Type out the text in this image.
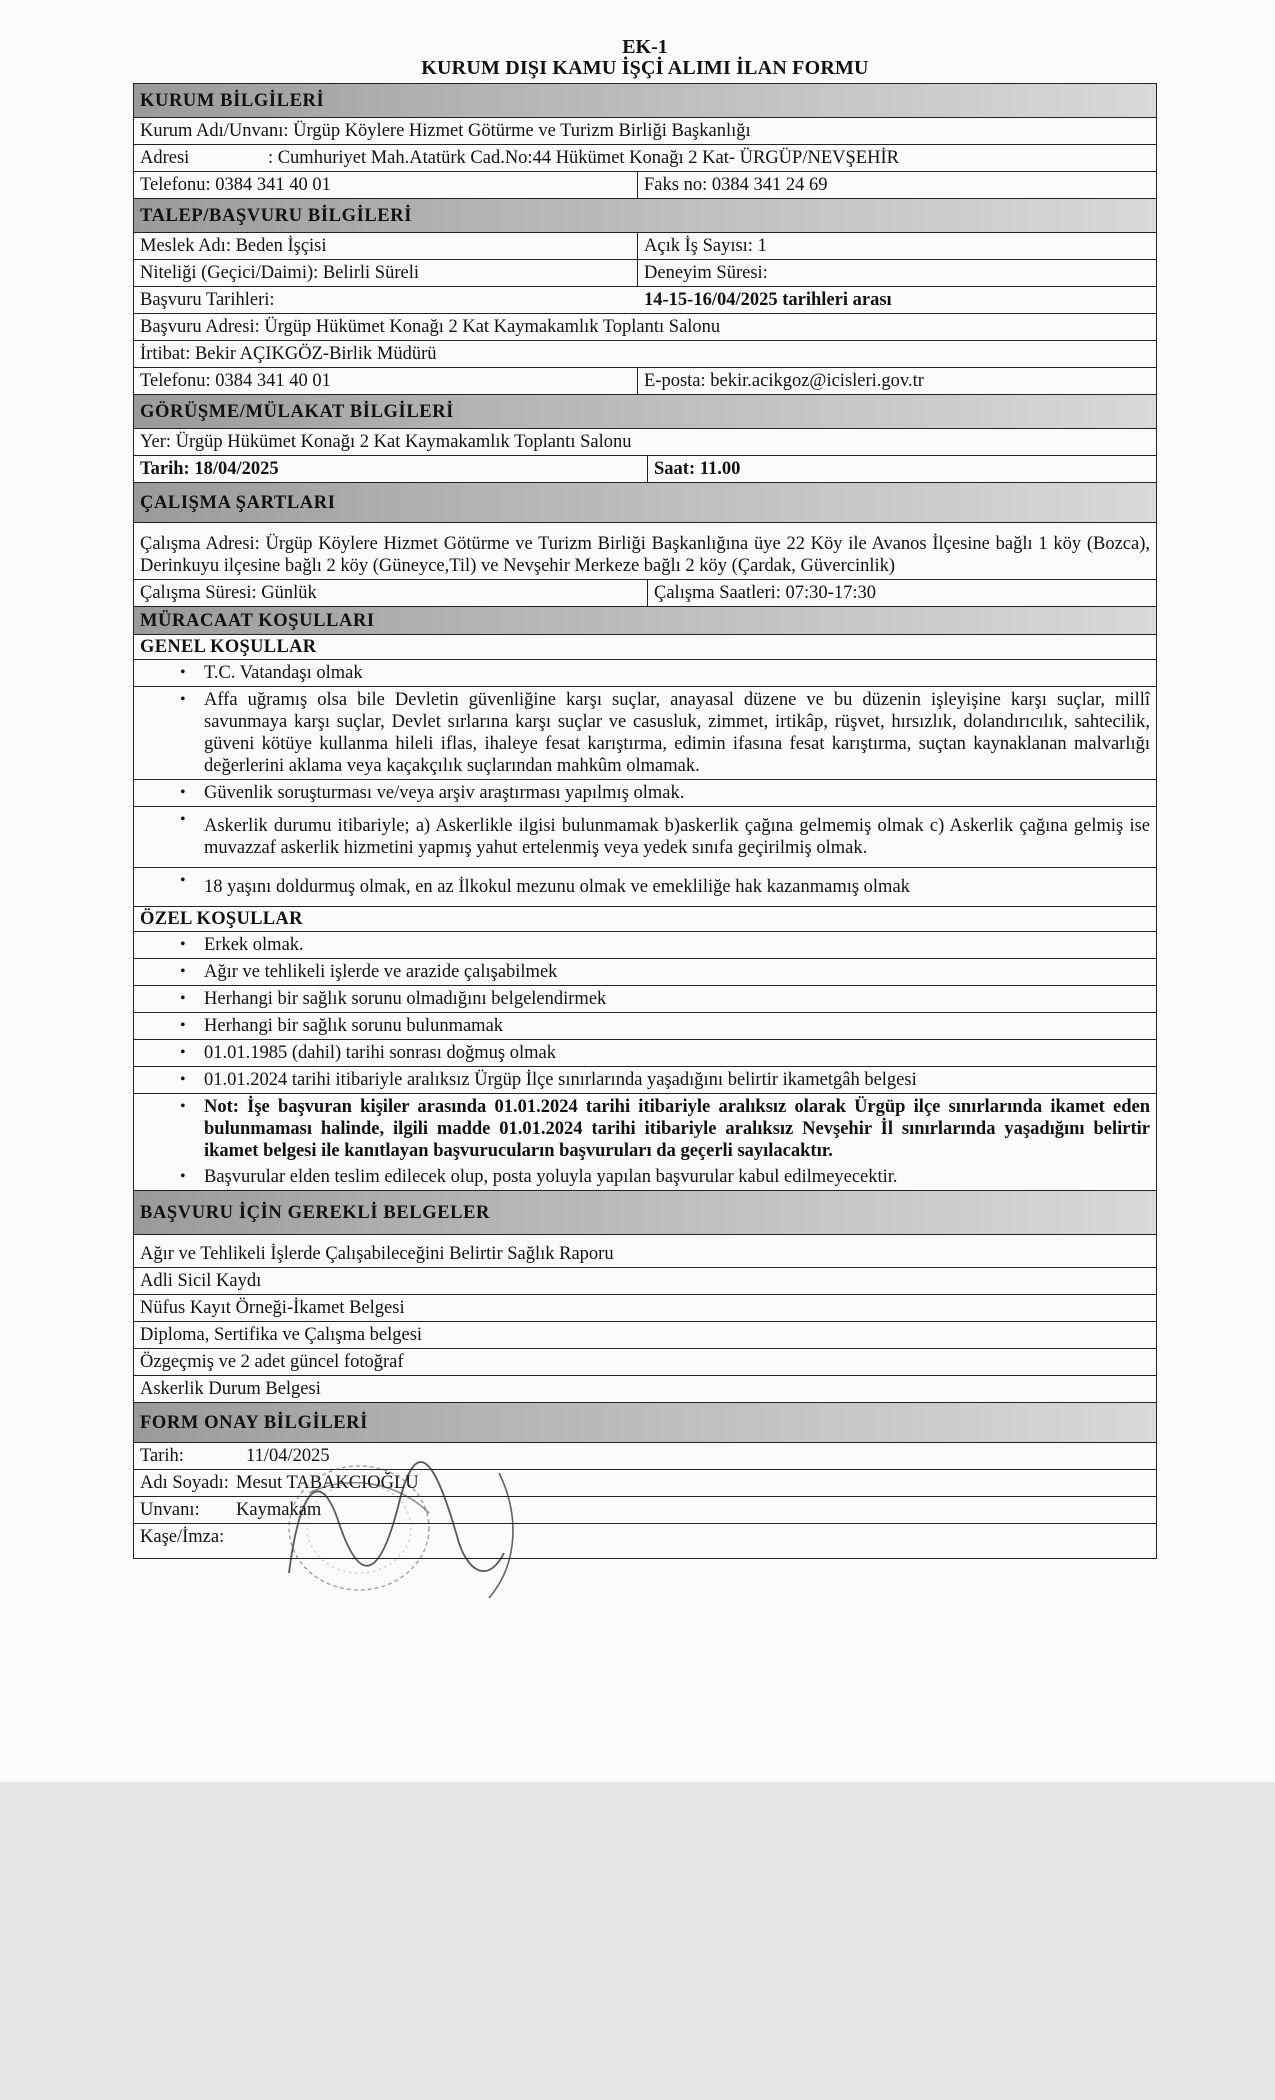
EK-1
KURUM DIŞI KAMU İŞÇİ ALIMI İLAN FORMU
KURUM BİLGİLERİ
Kurum Adı/Unvanı: Ürgüp Köylere Hizmet Götürme ve Turizm Birliği Başkanlığı
Adresi                 : Cumhuriyet Mah.Atatürk Cad.No:44 Hükümet Konağı 2 Kat- ÜRGÜP/NEVŞEHİR
Telefonu: 0384 341 40 01	Faks no: 0384 341 24 69
TALEP/BAŞVURU BİLGİLERİ
Meslek Adı: Beden İşçisi	Açık İş Sayısı: 1
Niteliği (Geçici/Daimi): Belirli Süreli	Deneyim Süresi:
Başvuru Tarihleri:	14-15-16/04/2025 tarihleri arası
Başvuru Adresi: Ürgüp Hükümet Konağı 2 Kat Kaymakamlık Toplantı Salonu
İrtibat: Bekir AÇIKGÖZ-Birlik Müdürü
Telefonu: 0384 341 40 01	E-posta: bekir.acikgoz@icisleri.gov.tr
GÖRÜŞME/MÜLAKAT BİLGİLERİ
Yer: Ürgüp Hükümet Konağı 2 Kat Kaymakamlık Toplantı Salonu
Tarih: 18/04/2025	Saat: 11.00
ÇALIŞMA ŞARTLARI
Çalışma Adresi: Ürgüp Köylere Hizmet Götürme ve Turizm Birliği Başkanlığına üye 22 Köy ile Avanos İlçesine bağlı 1 köy (Bozca), Derinkuyu ilçesine bağlı 2 köy (Güneyce,Til) ve Nevşehir Merkeze bağlı 2 köy (Çardak, Güvercinlik)
Çalışma Süresi: Günlük	Çalışma Saatleri: 07:30-17:30
MÜRACAAT KOŞULLARI
GENEL KOŞULLAR
• T.C. Vatandaşı olmak
• Affa uğramış olsa bile Devletin güvenliğine karşı suçlar, anayasal düzene ve bu düzenin işleyişine karşı suçlar, millî savunmaya karşı suçlar, Devlet sırlarına karşı suçlar ve casusluk, zimmet, irtikâp, rüşvet, hırsızlık, dolandırıcılık, sahtecilik, güveni kötüye kullanma hileli iflas, ihaleye fesat karıştırma, edimin ifasına fesat karıştırma, suçtan kaynaklanan malvarlığı değerlerini aklama veya kaçakçılık suçlarından mahkûm olmamak.
• Güvenlik soruşturması ve/veya arşiv araştırması yapılmış olmak.
• Askerlik durumu itibariyle; a) Askerlikle ilgisi bulunmamak b)askerlik çağına gelmemiş olmak c) Askerlik çağına gelmiş ise muvazzaf askerlik hizmetini yapmış yahut ertelenmiş veya yedek sınıfa geçirilmiş olmak.
• 18 yaşını doldurmuş olmak, en az İlkokul mezunu olmak ve emekliliğe hak kazanmamış olmak
ÖZEL KOŞULLAR
• Erkek olmak.
• Ağır ve tehlikeli işlerde ve arazide çalışabilmek
• Herhangi bir sağlık sorunu olmadığını belgelendirmek
• Herhangi bir sağlık sorunu bulunmamak
• 01.01.1985 (dahil) tarihi sonrası doğmuş olmak
• 01.01.2024 tarihi itibariyle aralıksız Ürgüp İlçe sınırlarında yaşadığını belirtir ikametgâh belgesi
• Not: İşe başvuran kişiler arasında 01.01.2024 tarihi itibariyle aralıksız olarak Ürgüp ilçe sınırlarında ikamet eden bulunmaması halinde, ilgili madde 01.01.2024 tarihi itibariyle aralıksız Nevşehir İl sınırlarında yaşadığını belirtir ikamet belgesi ile kanıtlayan başvurucuların başvuruları da geçerli sayılacaktır.
• Başvurular elden teslim edilecek olup, posta yoluyla yapılan başvurular kabul edilmeyecektir.
BAŞVURU İÇİN GEREKLİ BELGELER
Ağır ve Tehlikeli İşlerde Çalışabileceğini Belirtir Sağlık Raporu
Adli Sicil Kaydı
Nüfus Kayıt Örneği-İkamet Belgesi
Diploma, Sertifika ve Çalışma belgesi
Özgeçmiş ve 2 adet güncel fotoğraf
Askerlik Durum Belgesi
FORM ONAY BİLGİLERİ
Tarih:	11/04/2025
Adı Soyadı: Mesut TABAKCIOĞLU
Unvanı: Kaymakam
Kaşe/İmza:
